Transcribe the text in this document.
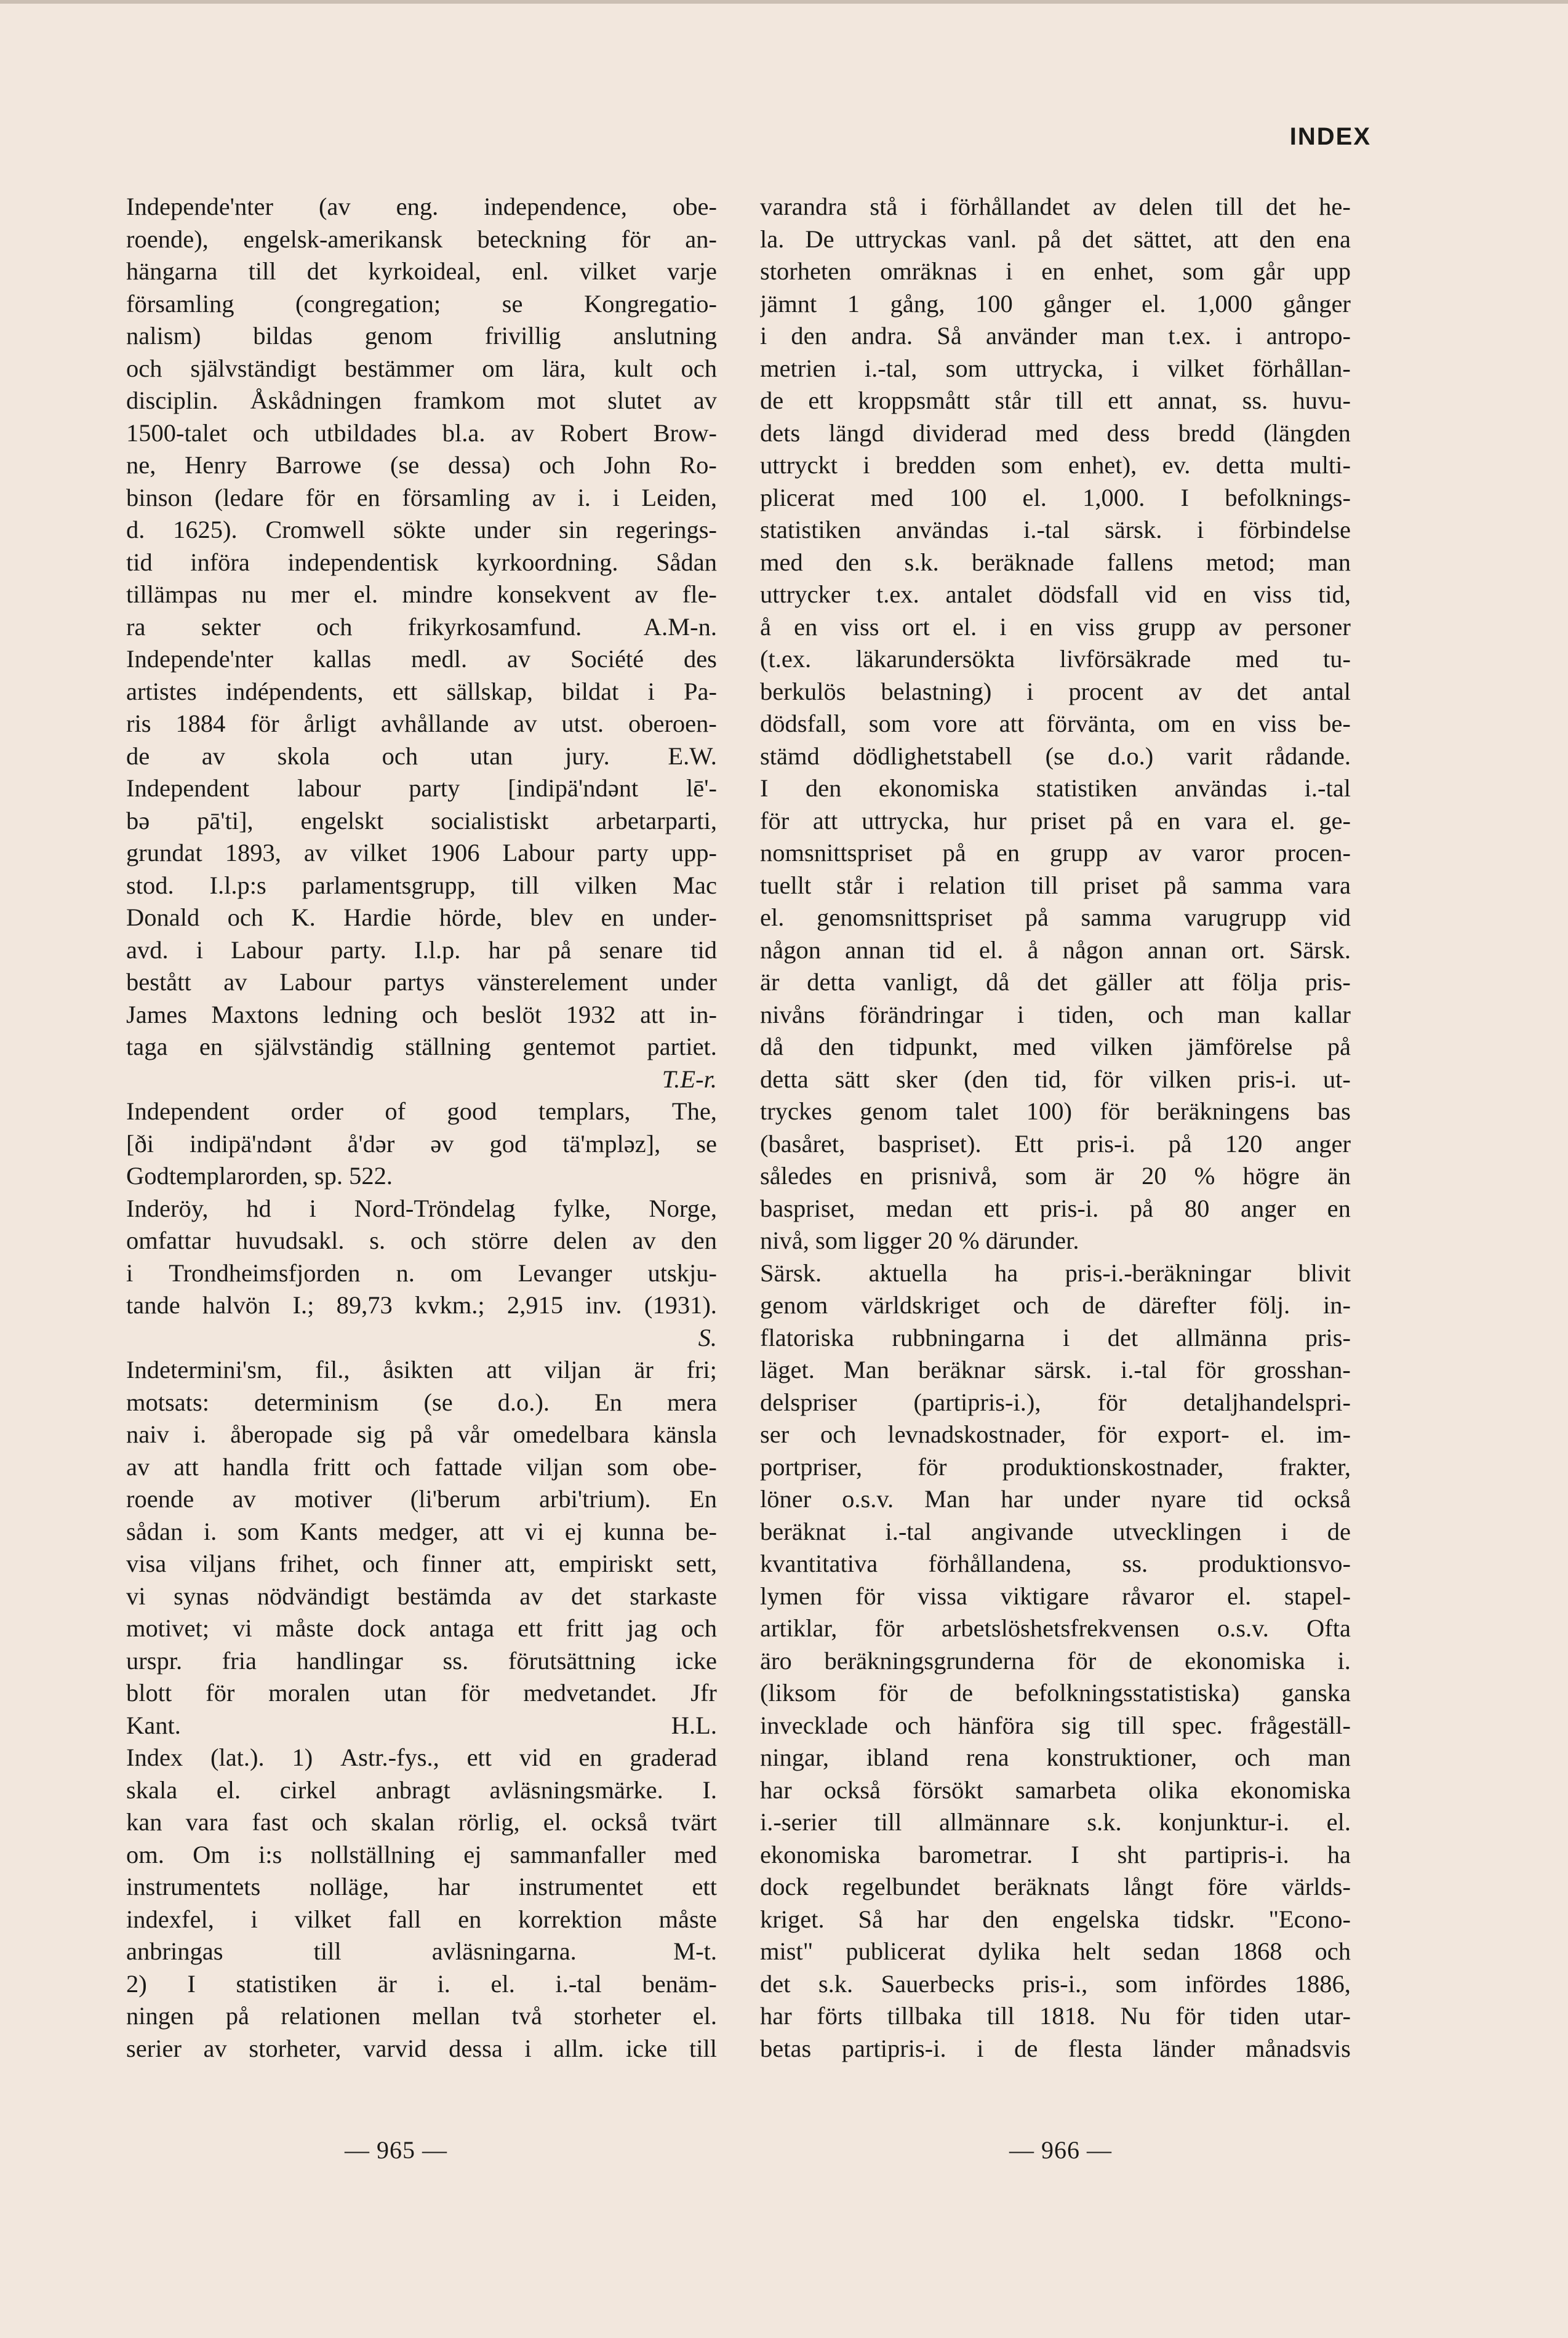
INDEX
Independe'nter (av eng. independence, obe-
roende), engelsk-amerikansk beteckning för an-
hängarna till det kyrkoideal, enl. vilket varje
församling (congregation; se Kongregatio-
nalism) bildas genom frivillig anslutning
och självständigt bestämmer om lära, kult och
disciplin. Åskådningen framkom mot slutet av
1500-talet och utbildades bl.a. av Robert Brow-
ne, Henry Barrowe (se dessa) och John Ro-
binson (ledare för en församling av i. i Leiden,
d. 1625). Cromwell sökte under sin regerings-
tid införa independentisk kyrkoordning. Sådan
tillämpas nu mer el. mindre konsekvent av fle-
ra sekter och frikyrkosamfund. A.M-n.
Independe'nter kallas medl. av Société des
artistes indépendents, ett sällskap, bildat i Pa-
ris 1884 för årligt avhållande av utst. oberoen-
de av skola och utan jury. E.W.
Independent labour party [indipä'ndənt lē'-
bə pā'ti], engelskt socialistiskt arbetarparti,
grundat 1893, av vilket 1906 Labour party upp-
stod. I.l.p:s parlamentsgrupp, till vilken Mac
Donald och K. Hardie hörde, blev en under-
avd. i Labour party. I.l.p. har på senare tid
bestått av Labour partys vänsterelement under
James Maxtons ledning och beslöt 1932 att in-
taga en självständig ställning gentemot partiet.
T.E-r.
Independent order of good templars, The,
[ði indipä'ndənt å'dər əv god tä'mpləz], se
Godtemplarorden, sp. 522.
Inderöy, hd i Nord-Tröndelag fylke, Norge,
omfattar huvudsakl. s. och större delen av den
i Trondheimsfjorden n. om Levanger utskju-
tande halvön I.; 89,73 kvkm.; 2,915 inv. (1931).
S.
Indetermini'sm, fil., åsikten att viljan är fri;
motsats: determinism (se d.o.). En mera
naiv i. åberopade sig på vår omedelbara känsla
av att handla fritt och fattade viljan som obe-
roende av motiver (li'berum arbi'trium). En
sådan i. som Kants medger, att vi ej kunna be-
visa viljans frihet, och finner att, empiriskt sett,
vi synas nödvändigt bestämda av det starkaste
motivet; vi måste dock antaga ett fritt jag och
urspr. fria handlingar ss. förutsättning icke
blott för moralen utan för medvetandet. Jfr
Kant.	H.L.
Index (lat.). 1) Astr.-fys., ett vid en graderad
skala el. cirkel anbragt avläsningsmärke. I.
kan vara fast och skalan rörlig, el. också tvärt
om. Om i:s nollställning ej sammanfaller med
instrumentets nolläge, har instrumentet ett
indexfel, i vilket fall en korrektion måste
anbringas	till	avläsningarna.	M-t.
2) I statistiken är i. el. i.-tal benäm-
ningen på relationen mellan två storheter el.
serier av storheter, varvid dessa i allm. icke till
varandra stå i förhållandet av delen till det he-
la. De uttryckas vanl. på det sättet, att den ena
storheten omräknas i en enhet, som går upp
jämnt 1 gång, 100 gånger el. 1,000 gånger
i den andra. Så använder man t.ex. i antropo-
metrien i.-tal, som uttrycka, i vilket förhållan-
de ett kroppsmått står till ett annat, ss. huvu-
dets längd dividerad med dess bredd (längden
uttryckt i bredden som enhet), ev. detta multi-
plicerat med 100 el. 1,000. I befolknings-
statistiken användas i.-tal särsk. i förbindelse
med den s.k. beräknade fallens metod; man
uttrycker t.ex. antalet dödsfall vid en viss tid,
å en viss ort el. i en viss grupp av personer
(t.ex. läkarundersökta livförsäkrade med tu-
berkulös belastning) i procent av det antal
dödsfall, som vore att förvänta, om en viss be-
stämd dödlighetstabell (se d.o.) varit rådande.
I den ekonomiska statistiken användas i.-tal
för att uttrycka, hur priset på en vara el. ge-
nomsnittspriset på en grupp av varor procen-
tuellt står i relation till priset på samma vara
el. genomsnittspriset på samma varugrupp vid
någon annan tid el. å någon annan ort. Särsk.
är detta vanligt, då det gäller att följa pris-
nivåns förändringar i tiden, och man kallar
då den tidpunkt, med vilken jämförelse på
detta sätt sker (den tid, för vilken pris-i. ut-
tryckes genom talet 100) för beräkningens bas
(basåret, baspriset). Ett pris-i. på 120 anger
således en prisnivå, som är 20 % högre än
baspriset, medan ett pris-i. på 80 anger en
nivå, som ligger 20 % därunder.
Särsk. aktuella ha pris-i.-beräkningar blivit
genom världskriget och de därefter följ. in-
flatoriska rubbningarna i det allmänna pris-
läget. Man beräknar särsk. i.-tal för grosshan-
delspriser (partipris-i.), för detaljhandelspri-
ser och levnadskostnader, för export- el. im-
portpriser, för produktionskostnader, frakter,
löner o.s.v. Man har under nyare tid också
beräknat i.-tal angivande utvecklingen i de
kvantitativa förhållandena, ss. produktionsvo-
lymen för vissa viktigare råvaror el. stapel-
artiklar, för arbetslöshetsfrekvensen o.s.v. Ofta
äro beräkningsgrunderna för de ekonomiska i.
(liksom för de befolkningsstatistiska) ganska
invecklade och hänföra sig till spec. frågeställ-
ningar, ibland rena konstruktioner, och man
har också försökt samarbeta olika ekonomiska
i.-serier till allmännare s.k. konjunktur-i. el.
ekonomiska barometrar. I sht partipris-i. ha
dock regelbundet beräknats långt före världs-
kriget. Så har den engelska tidskr. "Econo-
mist" publicerat dylika helt sedan 1868 och
det s.k. Sauerbecks pris-i., som infördes 1886,
har förts tillbaka till 1818. Nu för tiden utar-
betas partipris-i. i de flesta länder månadsvis
— 965 —	— 966 —
